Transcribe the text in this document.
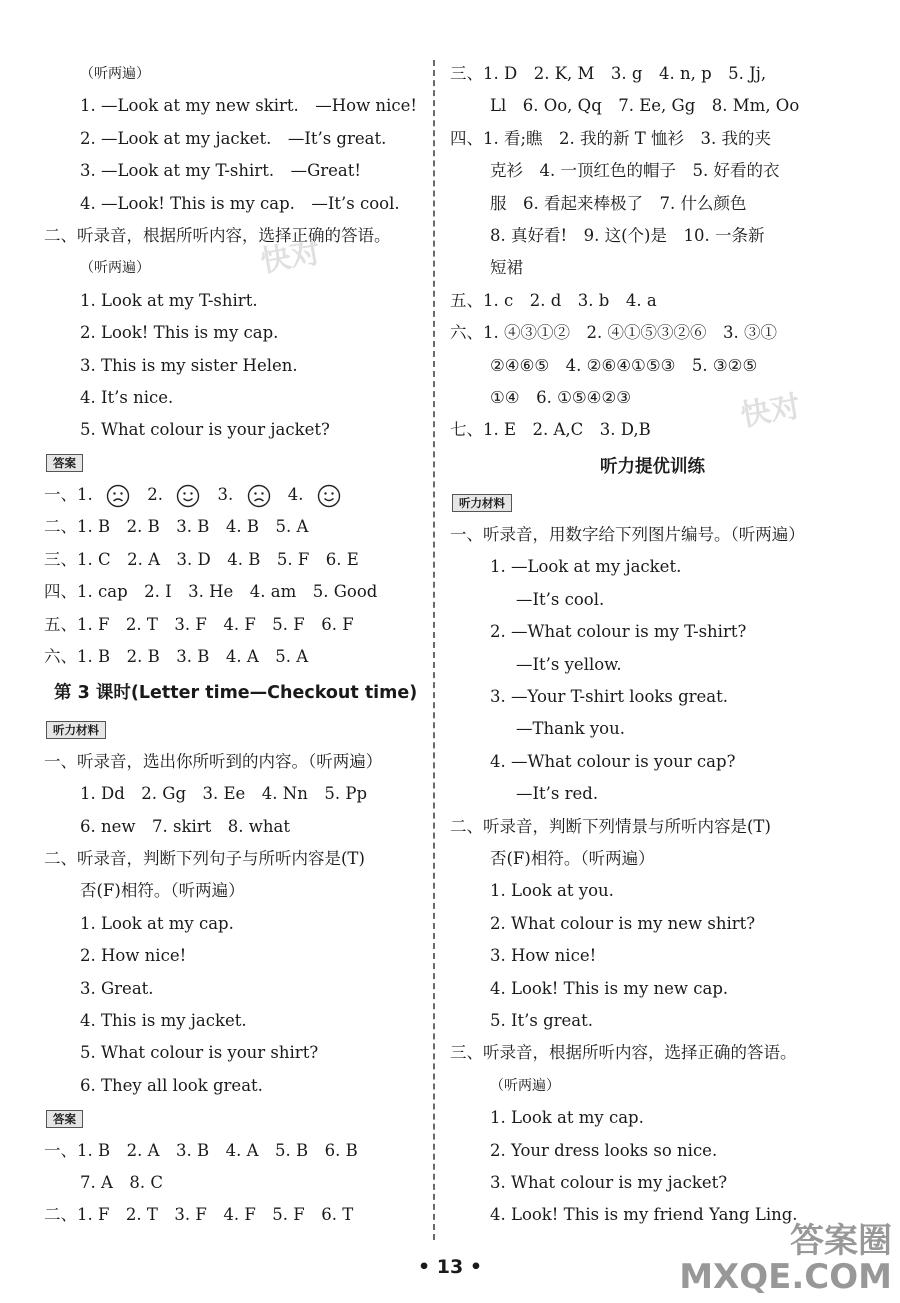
（听两遍）
1. —Look at my new skirt.　—How nice!
2. —Look at my jacket.　—It’s great.
3. —Look at my T-shirt.　—Great!
4. —Look! This is my cap.　—It’s cool.
二、听录音，根据所听内容，选择正确的答语。
（听两遍）
1. Look at my T-shirt.
2. Look! This is my cap.
3. This is my sister Helen.
4. It’s nice.
5. What colour is your jacket?
答案
一、1.	2.	3.	4.
二、1. B　2. B　3. B　4. B　5. A
三、1. C　2. A　3. D　4. B　5. F　6. E
四、1. cap　2. I　3. He　4. am　5. Good
五、1. F　2. T　3. F　4. F　5. F　6. F
六、1. B　2. B　3. B　4. A　5. A
第 3 课时(Letter time—Checkout time)
听力材料
一、听录音，选出你所听到的内容。（听两遍）
1. Dd　2. Gg　3. Ee　4. Nn　5. Pp
6. new　7. skirt　8. what
二、听录音，判断下列句子与所听内容是(T)
否(F)相符。（听两遍）
1. Look at my cap.
2. How nice!
3. Great.
4. This is my jacket.
5. What colour is your shirt?
6. They all look great.
答案
一、1. B　2. A　3. B　4. A　5. B　6. B
7. A　8. C
二、1. F　2. T　3. F　4. F　5. F　6. T
三、1. D　2. K, M　3. g　4. n, p　5. Jj,
Ll　6. Oo, Qq　7. Ee, Gg　8. Mm, Oo
四、1. 看;瞧　2. 我的新 T 恤衫　3. 我的夹
克衫　4. 一顶红色的帽子　5. 好看的衣
服　6. 看起来棒极了　7. 什么颜色
8. 真好看!　9. 这(个)是　10. 一条新
短裙
五、1. c　2. d　3. b　4. a
六、1. ④③①②　2. ④①⑤③②⑥　3. ③①
②④⑥⑤　4. ②⑥④①⑤③　5. ③②⑤
①④　6. ①⑤④②③
七、1. E　2. A,C　3. D,B
听力提优训练
听力材料
一、听录音，用数字给下列图片编号。（听两遍）
1. —Look at my jacket.
—It’s cool.
2. —What colour is my T-shirt?
—It’s yellow.
3. —Your T-shirt looks great.
—Thank you.
4. —What colour is your cap?
—It’s red.
二、听录音，判断下列情景与所听内容是(T)
否(F)相符。（听两遍）
1. Look at you.
2. What colour is my new shirt?
3. How nice!
4. Look! This is my new cap.
5. It’s great.
三、听录音，根据所听内容，选择正确的答语。
（听两遍）
1. Look at my cap.
2. Your dress looks so nice.
3. What colour is my jacket?
4. Look! This is my friend Yang Ling.
• 13 •
快对
快对
答案圈
MXQE.COM
